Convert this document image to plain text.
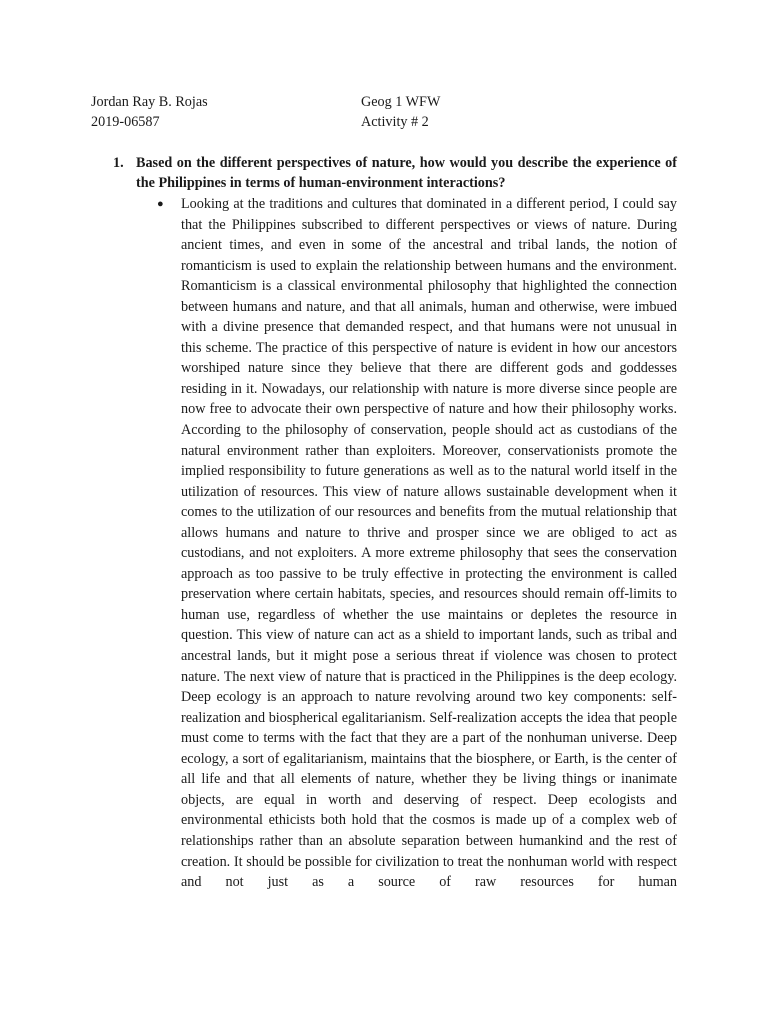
Jordan Ray B. Rojas	Geog 1 WFW
2019-06587	Activity # 2
1. Based on the different perspectives of nature, how would you describe the experience of the Philippines in terms of human-environment interactions?
●	Looking at the traditions and cultures that dominated in a different period, I could say that the Philippines subscribed to different perspectives or views of nature. During ancient times, and even in some of the ancestral and tribal lands, the notion of romanticism is used to explain the relationship between humans and the environment. Romanticism is a classical environmental philosophy that highlighted the connection between humans and nature, and that all animals, human and otherwise, were imbued with a divine presence that demanded respect, and that humans were not unusual in this scheme. The practice of this perspective of nature is evident in how our ancestors worshiped nature since they believe that there are different gods and goddesses residing in it. Nowadays, our relationship with nature is more diverse since people are now free to advocate their own perspective of nature and how their philosophy works. According to the philosophy of conservation, people should act as custodians of the natural environment rather than exploiters. Moreover, conservationists promote the implied responsibility to future generations as well as to the natural world itself in the utilization of resources. This view of nature allows sustainable development when it comes to the utilization of our resources and benefits from the mutual relationship that allows humans and nature to thrive and prosper since we are obliged to act as custodians, and not exploiters. A more extreme philosophy that sees the conservation approach as too passive to be truly effective in protecting the environment is called preservation where certain habitats, species, and resources should remain off-limits to human use, regardless of whether the use maintains or depletes the resource in question. This view of nature can act as a shield to important lands, such as tribal and ancestral lands, but it might pose a serious threat if violence was chosen to protect nature. The next view of nature that is practiced in the Philippines is the deep ecology. Deep ecology is an approach to nature revolving around two key components: self-realization and biospherical egalitarianism. Self-realization accepts the idea that people must come to terms with the fact that they are a part of the nonhuman universe. Deep ecology, a sort of egalitarianism, maintains that the biosphere, or Earth, is the center of all life and that all elements of nature, whether they be living things or inanimate objects, are equal in worth and deserving of respect. Deep ecologists and environmental ethicists both hold that the cosmos is made up of a complex web of relationships rather than an absolute separation between humankind and the rest of creation. It should be possible for civilization to treat the nonhuman world with respect and not just as a source of raw resources for human
